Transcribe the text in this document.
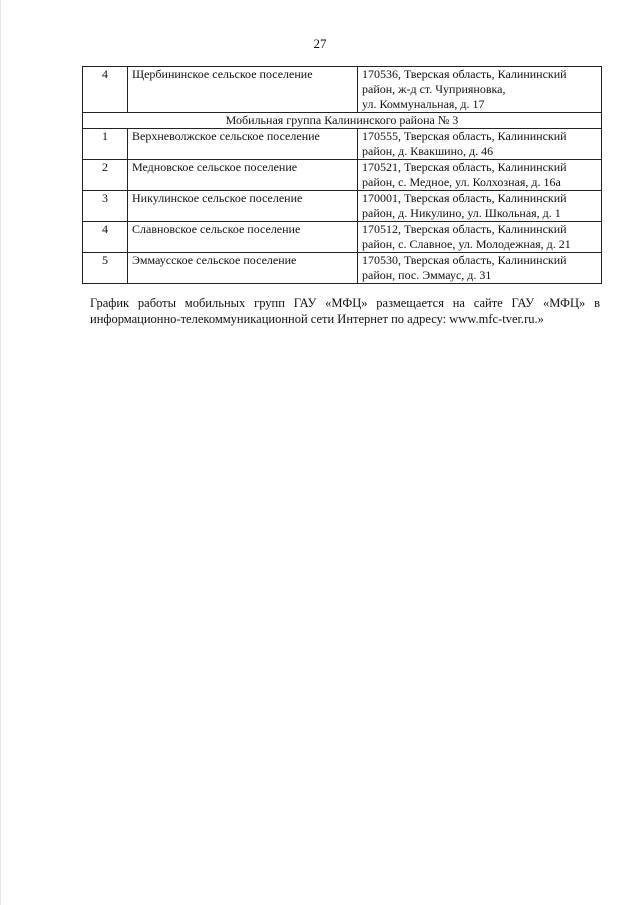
27
4	Щербининское сельское поселение	170536, Тверская область, Калининский
район, ж-д ст. Чуприяновка,
ул. Коммунальная, д. 17

Мобильная группа Калининского района № 3		
1	Верхневолжское сельское поселение	170555, Тверская область, Калининский
район, д. Квакшино, д. 46

2	Медновское сельское поселение	170521, Тверская область, Калининский
район, с. Медное, ул. Колхозная, д. 16а

3	Никулинское сельское поселение	170001, Тверская область, Калининский
район, д. Никулино, ул. Школьная, д. 1

4	Славновское сельское поселение	170512, Тверская область, Калининский
район, с. Славное, ул. Молодежная, д. 21

5	Эммаусское сельское поселение	170530, Тверская область, Калининский
район, пос. Эммаус, д. 31
График работы мобильных групп ГАУ «МФЦ» размещается на сайте ГАУ «МФЦ» в информационно-телекоммуникационной сети Интернет по адресу: www.mfc-tver.ru.»
